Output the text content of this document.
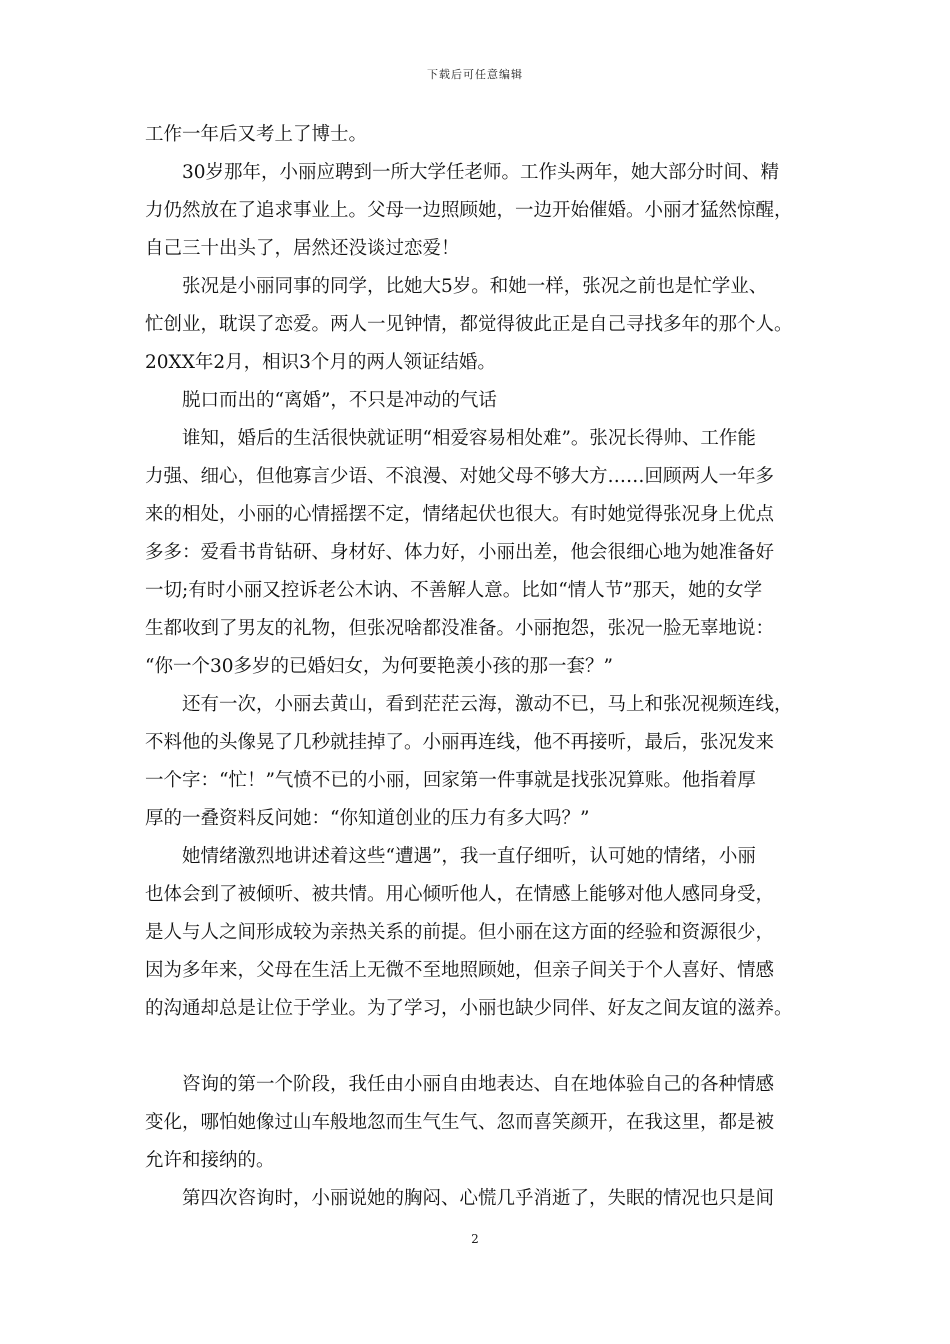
下载后可任意编辑
工作一年后又考上了博士。
　　30岁那年，小丽应聘到一所大学任老师。工作头两年，她大部分时间、精
力仍然放在了追求事业上。父母一边照顾她，一边开始催婚。小丽才猛然惊醒，
自己三十出头了，居然还没谈过恋爱！
　　张况是小丽同事的同学，比她大5岁。和她一样，张况之前也是忙学业、
忙创业，耽误了恋爱。两人一见钟情，都觉得彼此正是自己寻找多年的那个人。
20XX年2月，相识3个月的两人领证结婚。
　　脱口而出的“离婚”，不只是冲动的气话
　　谁知，婚后的生活很快就证明“相爱容易相处难”。张况长得帅、工作能
力强、细心，但他寡言少语、不浪漫、对她父母不够大方……回顾两人一年多
来的相处，小丽的心情摇摆不定，情绪起伏也很大。有时她觉得张况身上优点
多多：爱看书肯钻研、身材好、体力好，小丽出差，他会很细心地为她准备好
一切;有时小丽又控诉老公木讷、不善解人意。比如“情人节”那天，她的女学
生都收到了男友的礼物，但张况啥都没准备。小丽抱怨，张况一脸无辜地说：
“你一个30多岁的已婚妇女，为何要艳羡小孩的那一套？”
　　还有一次，小丽去黄山，看到茫茫云海，激动不已，马上和张况视频连线，
不料他的头像晃了几秒就挂掉了。小丽再连线，他不再接听，最后，张况发来
一个字：“忙！”气愤不已的小丽，回家第一件事就是找张况算账。他指着厚
厚的一叠资料反问她：“你知道创业的压力有多大吗？”
　　她情绪激烈地讲述着这些“遭遇”，我一直仔细听，认可她的情绪，小丽
也体会到了被倾听、被共情。用心倾听他人，在情感上能够对他人感同身受，
是人与人之间形成较为亲热关系的前提。但小丽在这方面的经验和资源很少，
因为多年来，父母在生活上无微不至地照顾她，但亲子间关于个人喜好、情感
的沟通却总是让位于学业。为了学习，小丽也缺少同伴、好友之间友谊的滋养。
　　咨询的第一个阶段，我任由小丽自由地表达、自在地体验自己的各种情感
变化，哪怕她像过山车般地忽而生气生气、忽而喜笑颜开，在我这里，都是被
允许和接纳的。
　　第四次咨询时，小丽说她的胸闷、心慌几乎消逝了，失眠的情况也只是间
2
